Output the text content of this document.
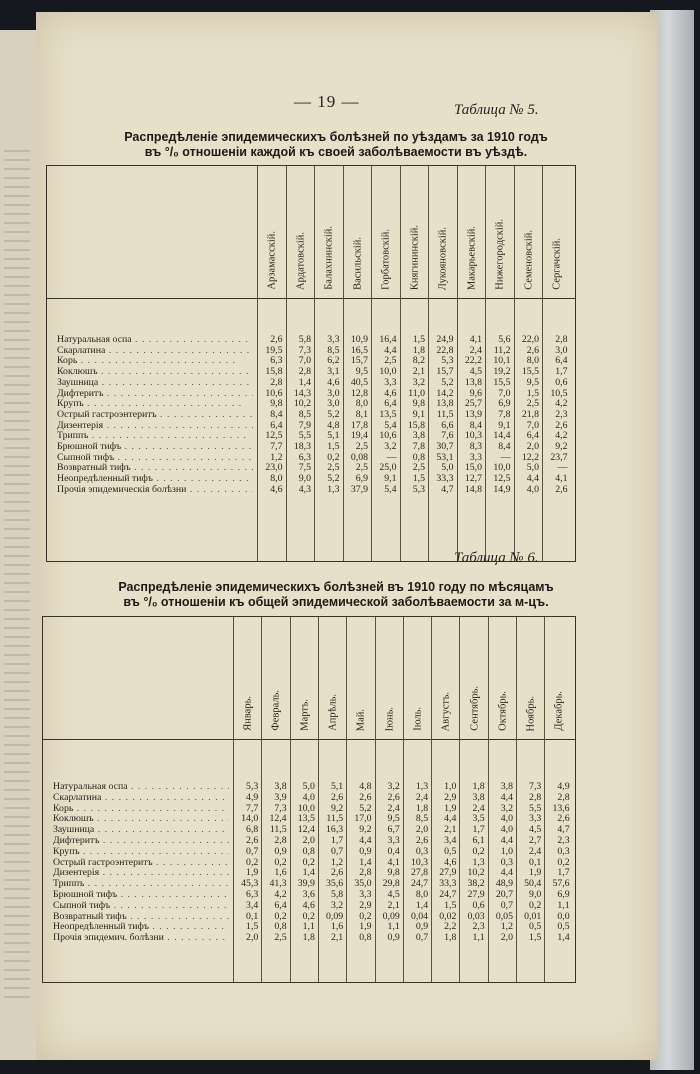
— 19 —	Таблица № 5.
Распредѣленіе эпидемическихъ болѣзней по уѣздамъ за 1910 годъ
въ °/₀ отношеніи каждой къ своей заболѣваемости въ уѣздѣ.
Арзамасскій. Ардатовскій. Балахнинскій. Васильскій. Горбатовскій. Княгининскій. Лукояновскій. Макарьевскій. Нижегородскій. Семеновскій. Сергачскій.
Натуральная оспа . . .	2,6	5,8	3,3	10,9	16,4	1,5	24,9	4,1	5,6	22,0	2,8
Скарлатина . . .	19,5	7,3	8,5	16,5	4,4	1,8	22,8	2,4	11,2	2,6	3,0
Корь . . .	6,3	7,0	6,2	15,7	2,5	8,2	5,3	22,2	10,1	8,0	6,4
Коклюшъ . . .	15,8	2,8	3,1	9,5	10,0	2,1	15,7	4,5	19,2	15,5	1,7
Заушница . . .	2,8	1,4	4,6	40,5	3,3	3,2	5,2	13,8	15,5	9,5	0,6
Дифтеритъ . . .	10,6	14,3	3,0	12,8	4,6	11,0	14,2	9,6	7,0	1,5	10,5
Крупъ . . .	9,8	10,2	3,0	8,0	6,4	9,8	13,8	25,7	6,9	2,5	4,2
Острый гастроэнтеритъ . . .	8,4	8,5	5,2	8,1	13,5	9,1	11,5	13,9	7,8	21,8	2,3
Дизентерія . . .	6,4	7,9	4,8	17,8	5,4	15,8	6,6	8,4	9,1	7,0	2,6
Триппъ . . .	12,5	5,5	5,1	19,4	10,6	3,8	7,6	10,3	14,4	6,4	4,2
Брюшной тифъ . . .	7,7	18,3	1,5	2,5	3,2	7,8	30,7	8,3	8,4	2,0	9,2
Сыпной тифъ . . .	1,2	6,3	0,2	0,08	—	0,8	53,1	3,3	—	12,2	23,7
Возвратный тифъ . . .	23,0	7,5	2,5	2,5	25,0	2,5	5,0	15,0	10,0	5,0	—
Неопредѣленный тифъ . . .	8,0	9,0	5,2	6,9	9,1	1,5	33,3	12,7	12,5	4,4	4,1
Прочія эпидемическія болѣзни . . .	4,6	4,3	1,3	37,9	5,4	5,3	4,7	14,8	14,9	4,0	2,6
Таблица № 6.
Распредѣленіе эпидемическихъ болѣзней въ 1910 году по мѣсяцамъ
въ °/₀ отношеніи къ общей эпидемической заболѣваемости за м-цъ.
Январь. Февраль. Мартъ. Апрѣль. Май. Іюнь. Іюль. Августъ. Сентябрь. Октябрь. Ноябрь. Декабрь.
Натуральная оспа . . .	5,3	3,8	5,0	5,1	4,8	3,2	1,3	1,0	1,8	3,8	7,3	4,9
Скарлатина . . .	4,9	3,9	4,0	2,6	2,6	2,6	2,4	2,9	3,8	4,4	2,8	2,8
Корь . . .	7,7	7,3	10,0	9,2	5,2	2,4	1,8	1,9	2,4	3,2	5,5	13,6
Коклюшъ . . .	14,0	12,4	13,5	11,5	17,0	9,5	8,5	4,4	3,5	4,0	3,3	2,6
Заушница . . .	6,8	11,5	12,4	16,3	9,2	6,7	2,0	2,1	1,7	4,0	4,5	4,7
Дифтеритъ . . .	2,6	2,8	2,0	1,7	4,4	3,3	2,6	3,4	6,1	4,4	2,7	2,3
Крупъ . . .	0,7	0,9	0,8	0,7	0,9	0,4	0,3	0,5	0,2	1,0	2,4	0,3
Острый гастроэнтеритъ . . .	0,2	0,2	0,2	1,2	1,4	4,1	10,3	4,6	1,3	0,3	0,1	0,2
Дизентерія . . .	1,9	1,6	1,4	2,6	2,8	9,8	27,8	27,9	10,2	4,4	1,9	1,7
Триппъ . . .	45,3	41,3	39,9	35,6	35,0	29,8	24,7	33,3	38,2	48,9	50,4	57,6
Брюшной тифъ . . .	6,3	4,2	3,6	5,8	3,3	4,5	8,0	24,7	27,9	20,7	9,0	6,9
Сыпной тифъ . . .	3,4	6,4	4,6	3,2	2,9	2,1	1,4	1,5	0,6	0,7	0,2	1,1
Возвратный тифъ . . .	0,1	0,2	0,2	0,09	0,2	0,09	0,04	0,02	0,03	0,05	0,01	0,0
Неопредѣленный тифъ . . .	1,5	0,8	1,1	1,6	1,9	1,1	0,9	2,2	2,3	1,2	0,5	0,5
Прочія эпидемич. болѣзни . . .	2,0	2,5	1,8	2,1	0,8	0,9	0,7	1,8	1,1	2,0	1,5	1,4
